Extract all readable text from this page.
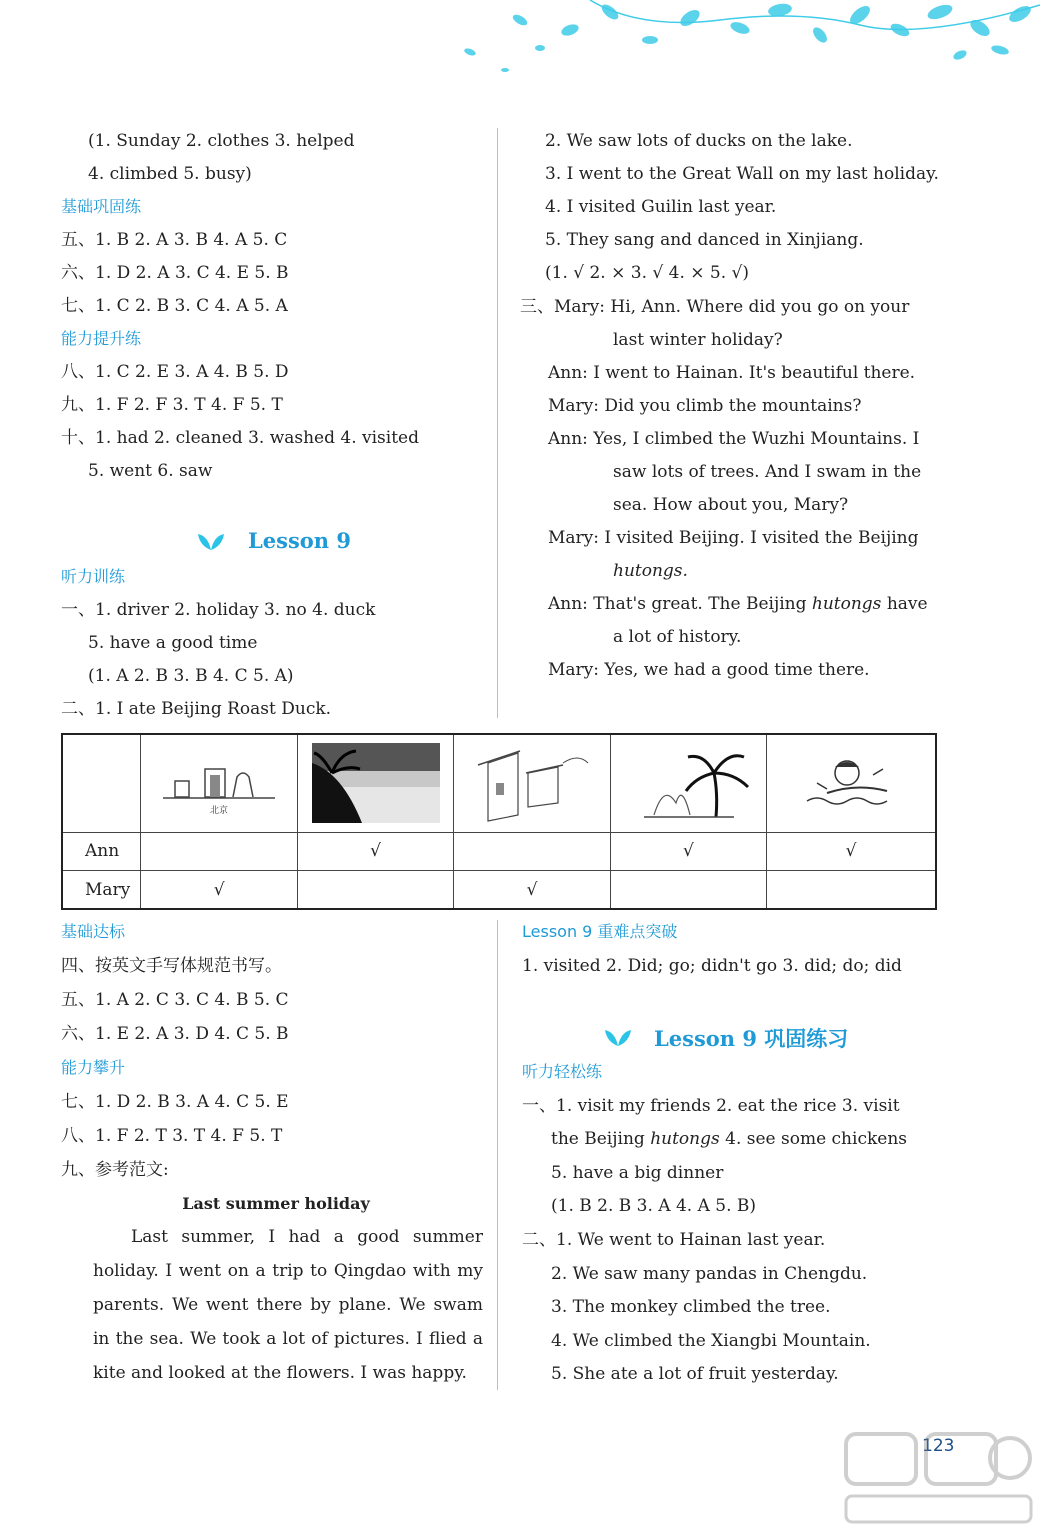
(1. Sunday 2. clothes 3. helped
4. climbed 5. busy)
基础巩固练
五、1. B 2. A 3. B 4. A 5. C
六、1. D 2. A 3. C 4. E 5. B
七、1. C 2. B 3. C 4. A 5. A
能力提升练
八、1. C 2. E 3. A 4. B 5. D
九、1. F 2. F 3. T 4. F 5. T
十、1. had 2. cleaned 3. washed 4. visited
5. went 6. saw
Lesson 9
听力训练
一、1. driver 2. holiday 3. no 4. duck
5. have a good time
(1. A 2. B 3. B 4. C 5. A)
二、1. I ate Beijing Roast Duck.
2. We saw lots of ducks on the lake.
3. I went to the Great Wall on my last holiday.
4. I visited Guilin last year.
5. They sang and danced in Xinjiang.
(1. √ 2. × 3. √ 4. × 5. √)
三、Mary: Hi, Ann. Where did you go on your
last winter holiday?
Ann: I went to Hainan. It's beautiful there.
Mary: Did you climb the mountains?
Ann: Yes, I climbed the Wuzhi Mountains. I
saw lots of trees. And I swam in the
sea. How about you, Mary?
Mary: I visited Beijing. I visited the Beijing
hutongs.
Ann: That's great. The Beijing hutongs have
a lot of history.
Mary: Yes, we had a good time there.

北京

Ann		√		√	√
Mary	√		√		
基础达标
四、按英文手写体规范书写。
五、1. A 2. C 3. C 4. B 5. C
六、1. E 2. A 3. D 4. C 5. B
能力攀升
七、1. D 2. B 3. A 4. C 5. E
八、1. F 2. T 3. T 4. F 5. T
九、参考范文:
Last summer holiday
Last summer, I had a good summer holiday. I went on a trip to Qingdao with my parents. We went there by plane. We swam in the sea. We took a lot of pictures. I flied a kite and looked at the flowers. I was happy.
Lesson 9 重难点突破
1. visited 2. Did; go; didn't go 3. did; do; did
Lesson 9 巩固练习
听力轻松练
一、1. visit my friends 2. eat the rice 3. visit
the Beijing hutongs 4. see some chickens
5. have a big dinner
(1. B 2. B 3. A 4. A 5. B)
二、1. We went to Hainan last year.
2. We saw many pandas in Chengdu.
3. The monkey climbed the tree.
4. We climbed the Xiangbi Mountain.
5. She ate a lot of fruit yesterday.
123
